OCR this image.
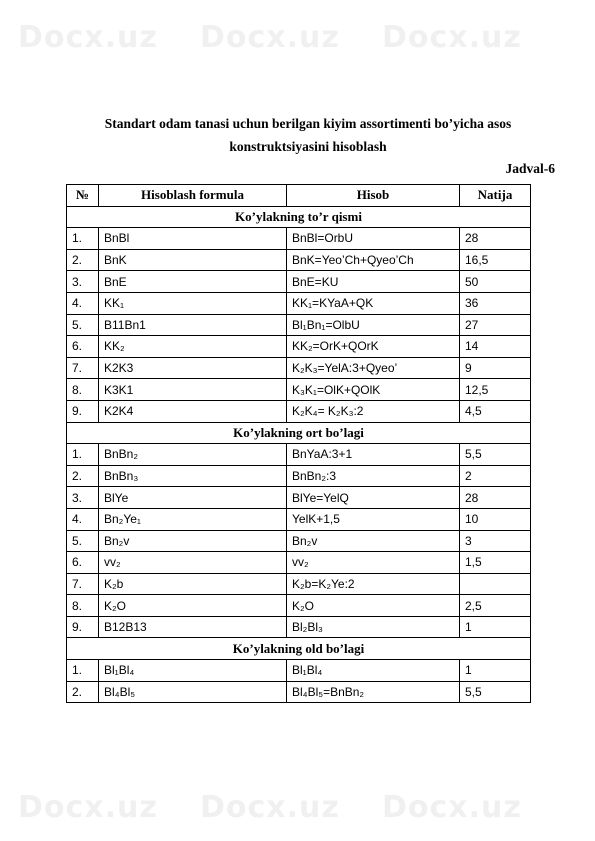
Docx.uz Docx.uz Docx.uz
Docx.uz Docx.uz Docx.uz
Standart odam tanasi uchun berilgan kiyim assortimenti bo’yicha asos konstruktsiyasini hisoblash
Jadval-6
№	Hisoblash formula	Hisob	Natija
Ko’ylakning to’r qismi			
1.	BnBl	BnBl=OrbU	28
2.	BnK	BnK=Yeo’Ch+Qyeo’Ch	16,5
3.	BnE	BnE=KU	50
4.	KK₁	KK₁=KYaA+QK	36
5.	B11Bn1	Bl₁Bn₁=OlbU	27
6.	KK₂	KK₂=OrK+QOrK	14
7.	K2K3	K₂K₃=YelA:3+Qyeo’	9
8.	K3K1	K₃K₁=OlK+QOlK	12,5
9.	K2K4	K₂K₄= K₂K₃:2	4,5
Ko’ylakning ort bo’lagi			
1.	BnBn₂	BnYaA:3+1	5,5
2.	BnBn₃	BnBn₂:3	2
3.	BlYe	BlYe=YelQ	28
4.	Bn₂Ye₁	YelK+1,5	10
5.	Bn₂v	Bn₂v	3
6.	vv₂	vv₂	1,5
7.	K₂b	K₂b=K₂Ye:2	
8.	K₂O	K₂O	2,5
9.	B12B13	Bl₂Bl₃	1
Ko’ylakning old bo’lagi			
1.	Bl₁Bl₄	Bl₁Bl₄	1
2.	Bl₄Bl₅	Bl₄Bl₅=BnBn₂	5,5
